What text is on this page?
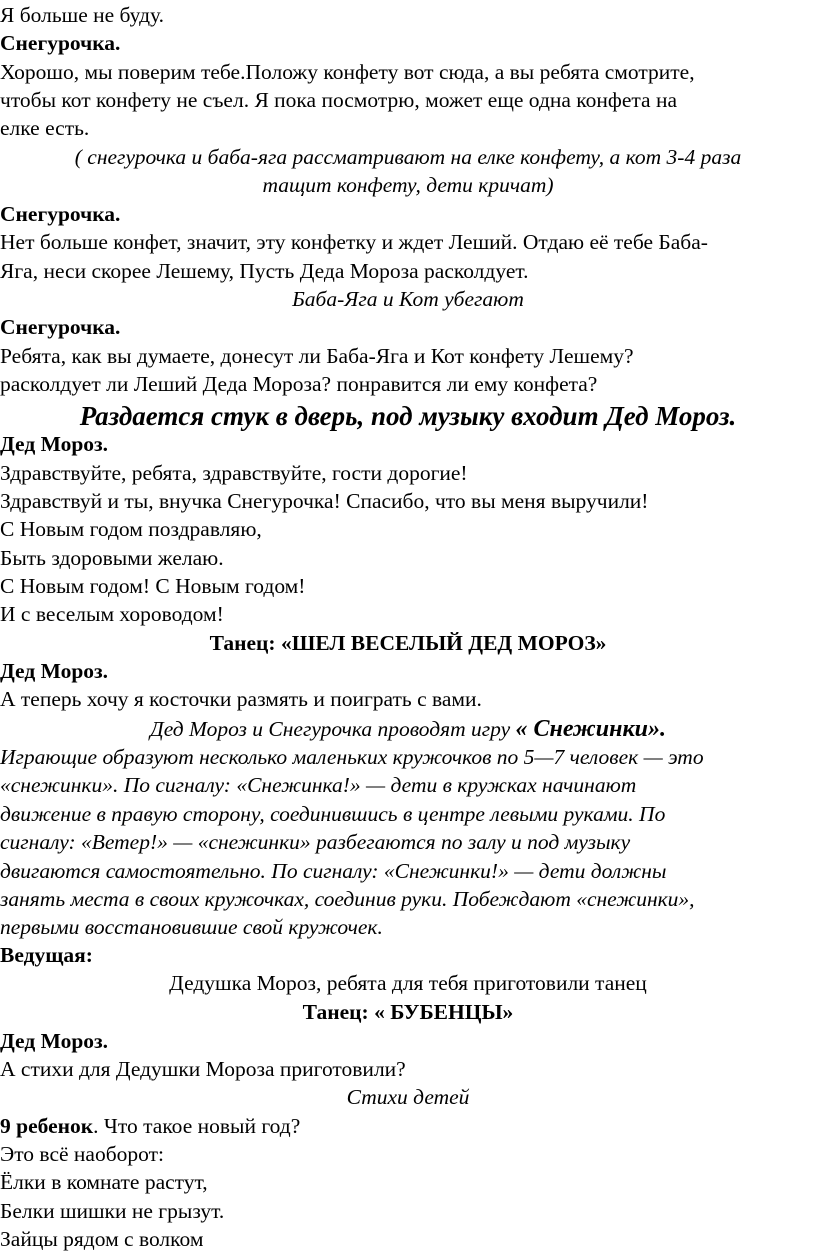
Я больше не буду.
Снегурочка.
Хорошо, мы поверим тебе.Положу конфету вот сюда, а вы ребята смотрите,
чтобы кот конфету не съел. Я пока посмотрю, может еще одна конфета на
елке есть.
( снегурочка и баба-яга рассматривают на елке конфету, а кот 3-4 раза
тащит конфету, дети кричат)
Снегурочка.
Нет больше конфет, значит, эту конфетку и ждет Леший. Отдаю её тебе Баба-
Яга, неси скорее Лешему, Пусть Деда Мороза расколдует.
Баба-Яга и Кот убегают
Снегурочка.
Ребята, как вы думаете, донесут ли Баба-Яга и Кот конфету Лешему?
расколдует ли Леший Деда Мороза? понравится ли ему конфета?
Раздается стук в дверь, под музыку входит Дед Мороз.
Дед Мороз.
Здравствуйте, ребята, здравствуйте, гости дорогие!
Здравствуй и ты, внучка Снегурочка! Спасибо, что вы меня выручили!
С Новым годом поздравляю,
Быть здоровыми желаю.
С Новым годом! С Новым годом!
И с веселым хороводом!
Танец: «ШЕЛ ВЕСЕЛЫЙ ДЕД МОРОЗ»
Дед Мороз.
А теперь хочу я косточки размять и поиграть с вами.
Дед Мороз и Снегурочка проводят игру « Снежинки».
Играющие образуют несколько маленьких кружочков по 5—7 человек — это
«снежинки». По сигналу: «Снежинка!» — дети в кружках начинают
движение в правую сторону, соединившись в центре левыми руками. По
сигналу: «Ветер!» — «снежинки» разбегаются по залу и под музыку
двигаются самостоятельно. По сигналу: «Снежинки!» — дети должны
занять места в своих кружочках, соединив руки. Побеждают «снежинки»,
первыми восстановившие свой кружочек.
Ведущая:
Дедушка Мороз, ребята для тебя приготовили танец
Танец: « БУБЕНЦЫ»
Дед Мороз.
А стихи для Дедушки Мороза приготовили?
Стихи детей
9 ребенок. Что такое новый год?
Это всё наоборот:
Ёлки в комнате растут,
Белки шишки не грызут.
Зайцы рядом с волком
